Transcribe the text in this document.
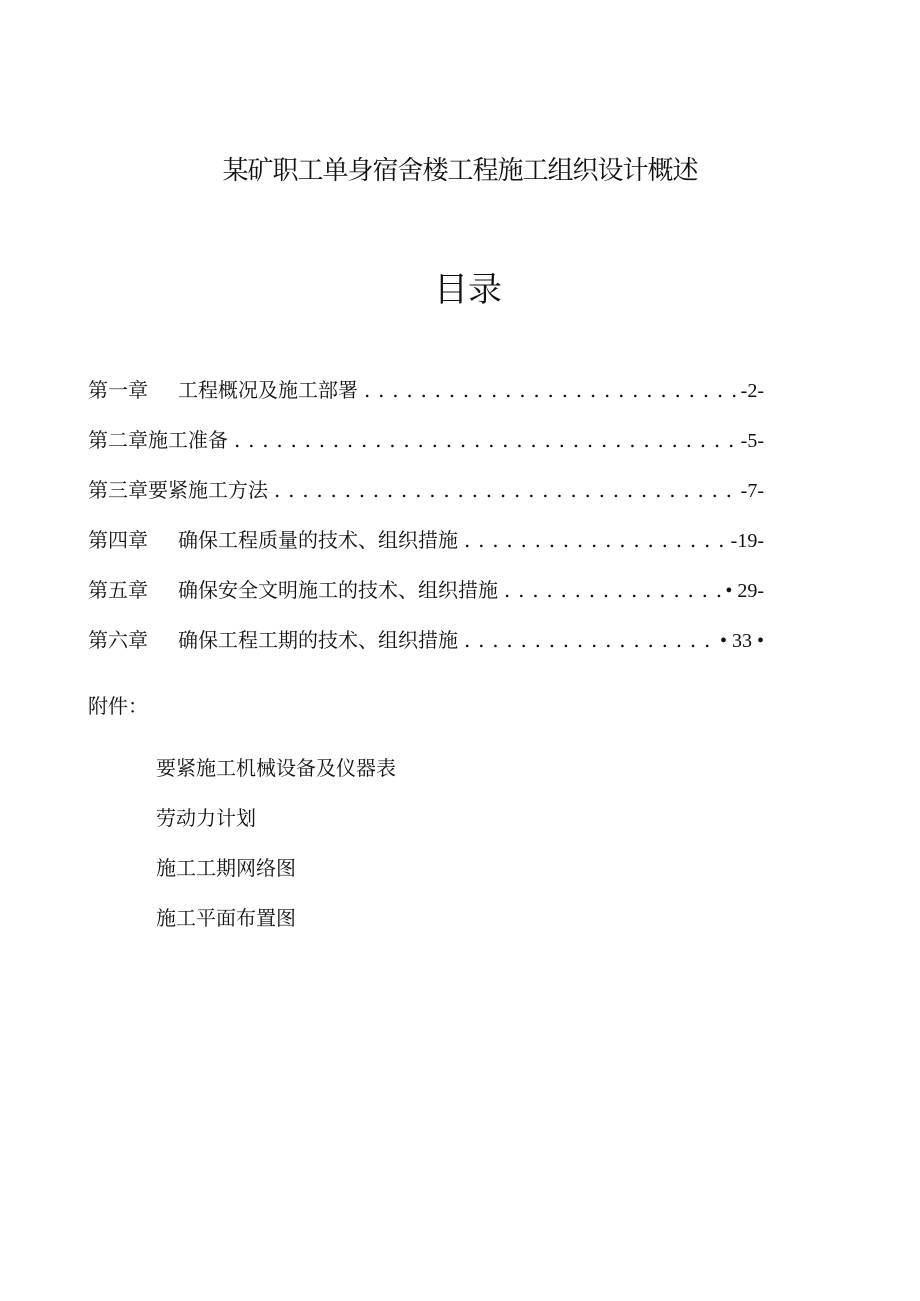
某矿职工单身宿舍楼工程施工组织设计概述
目录
第一章 工程概况及施工部署 . . .	-2-
第二章 施工准备 . . .	-5-
第三章 要紧施工方法 . . .	-7-
第四章 确保工程质量的技术、组织措施 . . .	-19-
第五章 确保安全文明施工的技术、组织措施 . . .	• 29-
第六章 确保工程工期的技术、组织措施 . . .	• 33 •

附件：

要紧施工机械设备及仪器表
劳动力计划
施工工期网络图
施工平面布置图
